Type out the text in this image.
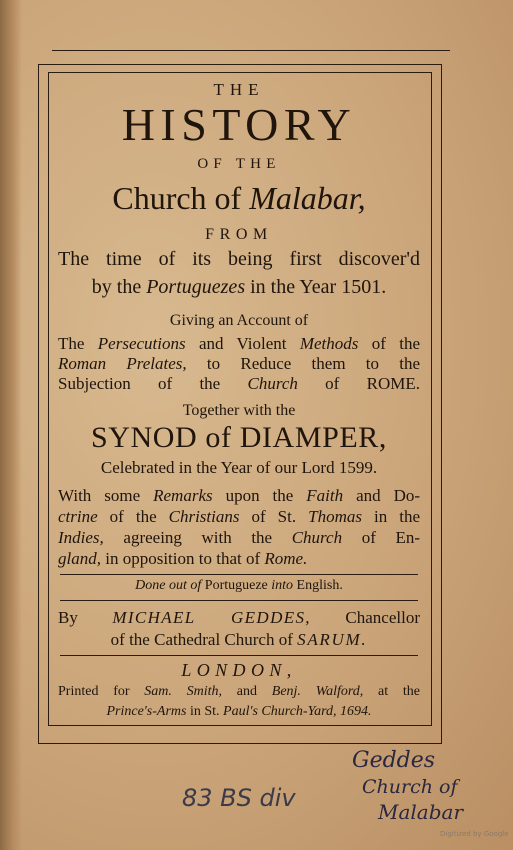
THE
HISTORY
OF THE
Church of Malabar,
FROM
The time of its being first discover'd
by the Portuguezes in the Year 1501.
Giving an Account of
The Persecutions and Violent Methods of the
Roman Prelates, to Reduce them to the
Subjection of the Church of ROME.
Together with the
SYNOD of DIAMPER,
Celebrated in the Year of our Lord 1599.
With some Remarks upon the Faith and Do-
ctrine of the Christians of St. Thomas in the
Indies, agreeing with the Church of En-
gland, in opposition to that of Rome.
Done out of Portugueze into English.
By MICHAEL GEDDES, Chancellor
of the Cathedral Church of SARUM.
LONDON,
Printed for Sam. Smith, and Benj. Walford, at the
Prince's-Arms in St. Paul's Church-Yard, 1694.
83 BS div
Geddes
Church of
Malabar
Digitized by Google
